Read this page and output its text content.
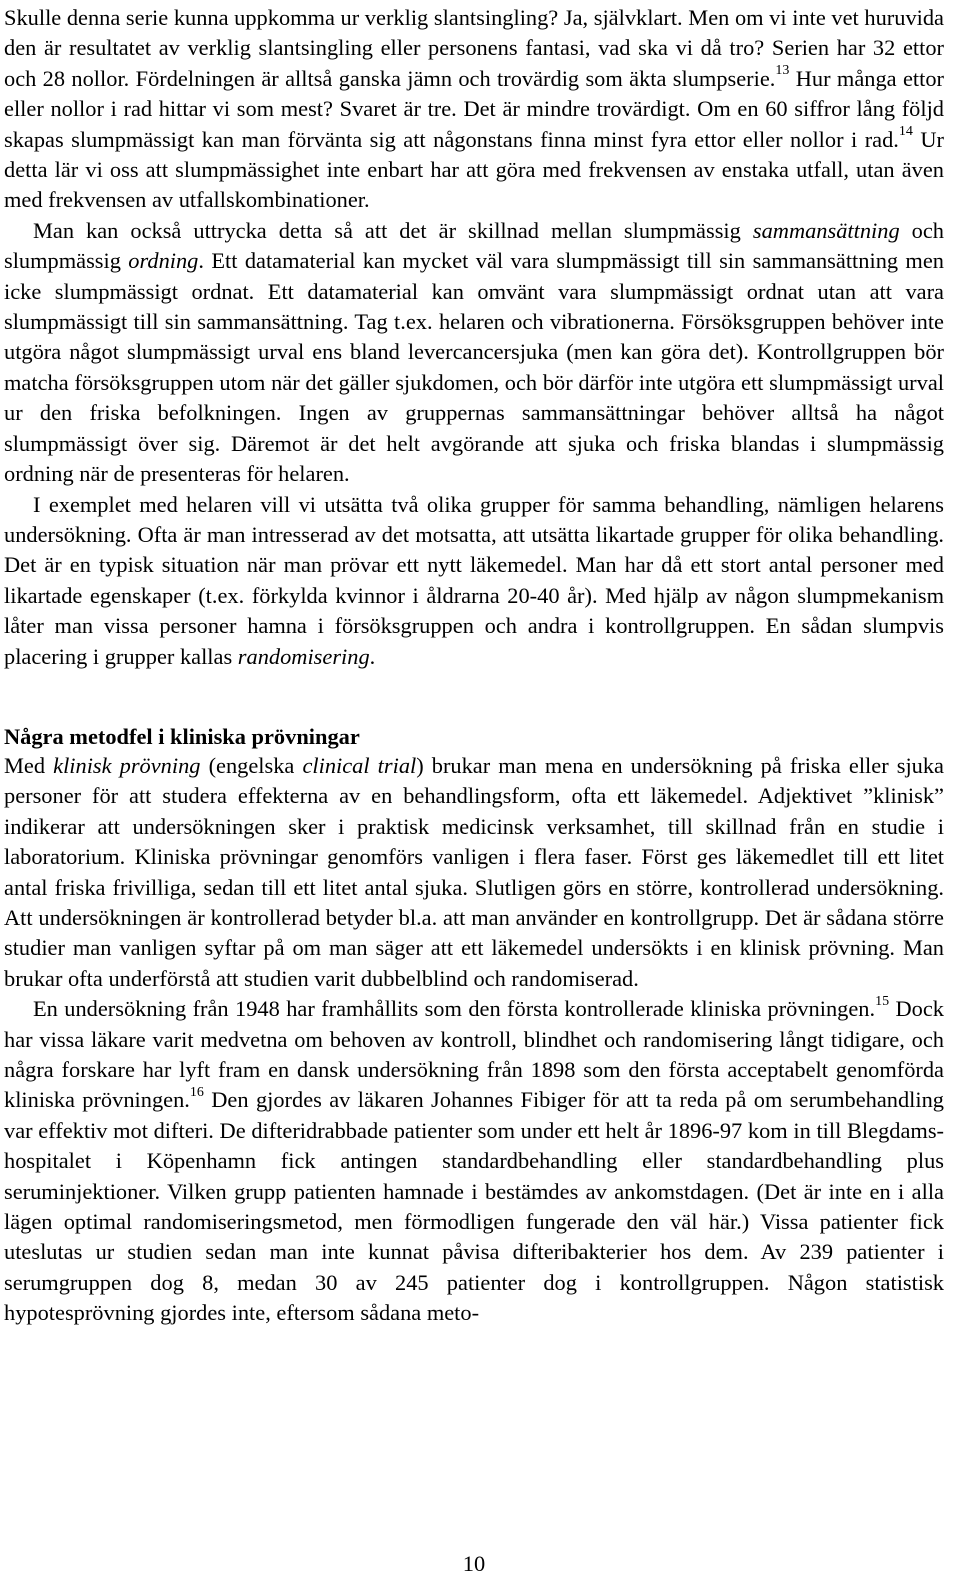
Skulle denna serie kunna uppkomma ur verklig slantsingling? Ja, självklart. Men om vi inte vet huruvida den är resultatet av verklig slantsingling eller personens fantasi, vad ska vi då tro? Serien har 32 ettor och 28 nollor. Fördelningen är alltså ganska jämn och trovärdig som äkta slumpserie.$^{13}$ Hur många ettor eller nollor i rad hittar vi som mest? Svaret är tre. Det är mindre trovärdigt. Om en 60 siffror lång följd skapas slumpmässigt kan man förvänta sig att någonstans finna minst fyra ettor eller nollor i rad.$^{14}$ Ur detta lär vi oss att slumpmässighet inte enbart har att göra med frekvensen av enstaka utfall, utan även med frekvensen av utfallskombinationer.

Man kan också uttrycka detta så att det är skillnad mellan slumpmässig sammansättning och slumpmässig ordning. Ett datamaterial kan mycket väl vara slumpmässigt till sin sammansättning men icke slumpmässigt ordnat. Ett datamaterial kan omvänt vara slumpmässigt ordnat utan att vara slumpmässigt till sin sammansättning. Tag t.ex. helaren och vibrationerna. Försöksgruppen behöver inte utgöra något slumpmässigt urval ens bland levercancersjuka (men kan göra det). Kontrollgruppen bör matcha försöksgruppen utom när det gäller sjukdomen, och bör därför inte utgöra ett slumpmässigt urval ur den friska befolkningen. Ingen av gruppernas sammansättningar behöver alltså ha något slumpmässigt över sig. Däremot är det helt avgörande att sjuka och friska blandas i slumpmässig ordning när de presenteras för helaren.

I exemplet med helaren vill vi utsätta två olika grupper för samma behandling, nämligen helarens undersökning. Ofta är man intresserad av det motsatta, att utsätta likartade grupper för olika behandling. Det är en typisk situation när man prövar ett nytt läkemedel. Man har då ett stort antal personer med likartade egenskaper (t.ex. förkylda kvinnor i åldrarna 20-40 år). Med hjälp av någon slumpmekanism låter man vissa personer hamna i försöksgruppen och andra i kontrollgruppen. En sådan slumpvis placering i grupper kallas randomisering.

Några metodfel i kliniska prövningar

Med klinisk prövning (engelska clinical trial) brukar man mena en undersökning på friska eller sjuka personer för att studera effekterna av en behandlingsform, ofta ett läkemedel. Adjektivet ”klinisk” indikerar att undersökningen sker i praktisk medicinsk verksamhet, till skillnad från en studie i laboratorium. Kliniska prövningar genomförs vanligen i flera faser. Först ges läkemedlet till ett litet antal friska frivilliga, sedan till ett litet antal sjuka. Slutligen görs en större, kontrollerad undersökning. Att undersökningen är kontrollerad betyder bl.a. att man använder en kontrollgrupp. Det är sådana större studier man vanligen syftar på om man säger att ett läkemedel undersökts i en klinisk prövning. Man brukar ofta underförstå att studien varit dubbelblind och randomiserad.

En undersökning från 1948 har framhållits som den första kontrollerade kliniska prövningen.$^{15}$ Dock har vissa läkare varit medvetna om behoven av kontroll, blindhet och randomisering långt tidigare, och några forskare har lyft fram en dansk undersökning från 1898 som den första acceptabelt genomförda kliniska prövningen.$^{16}$ Den gjordes av läkaren Johannes Fibiger för att ta reda på om serumbehandling var effektiv mot difteri. De difteridrabbade patienter som under ett helt år 1896-97 kom in till Blegdamshospitalet i Köpenhamn fick antingen standardbehandling eller standardbehandling plus seruminjektioner. Vilken grupp patienten hamnade i bestämdes av ankomstdagen. (Det är inte en i alla lägen optimal randomiseringsmetod, men förmodligen fungerade den väl här.) Vissa patienter fick uteslutas ur studien sedan man inte kunnat påvisa difteribakterier hos dem. Av 239 patienter i serumgruppen dog 8, medan 30 av 245 patienter dog i kontrollgruppen. Någon statistisk hypotesprövning gjordes inte, eftersom sådana meto-

10
